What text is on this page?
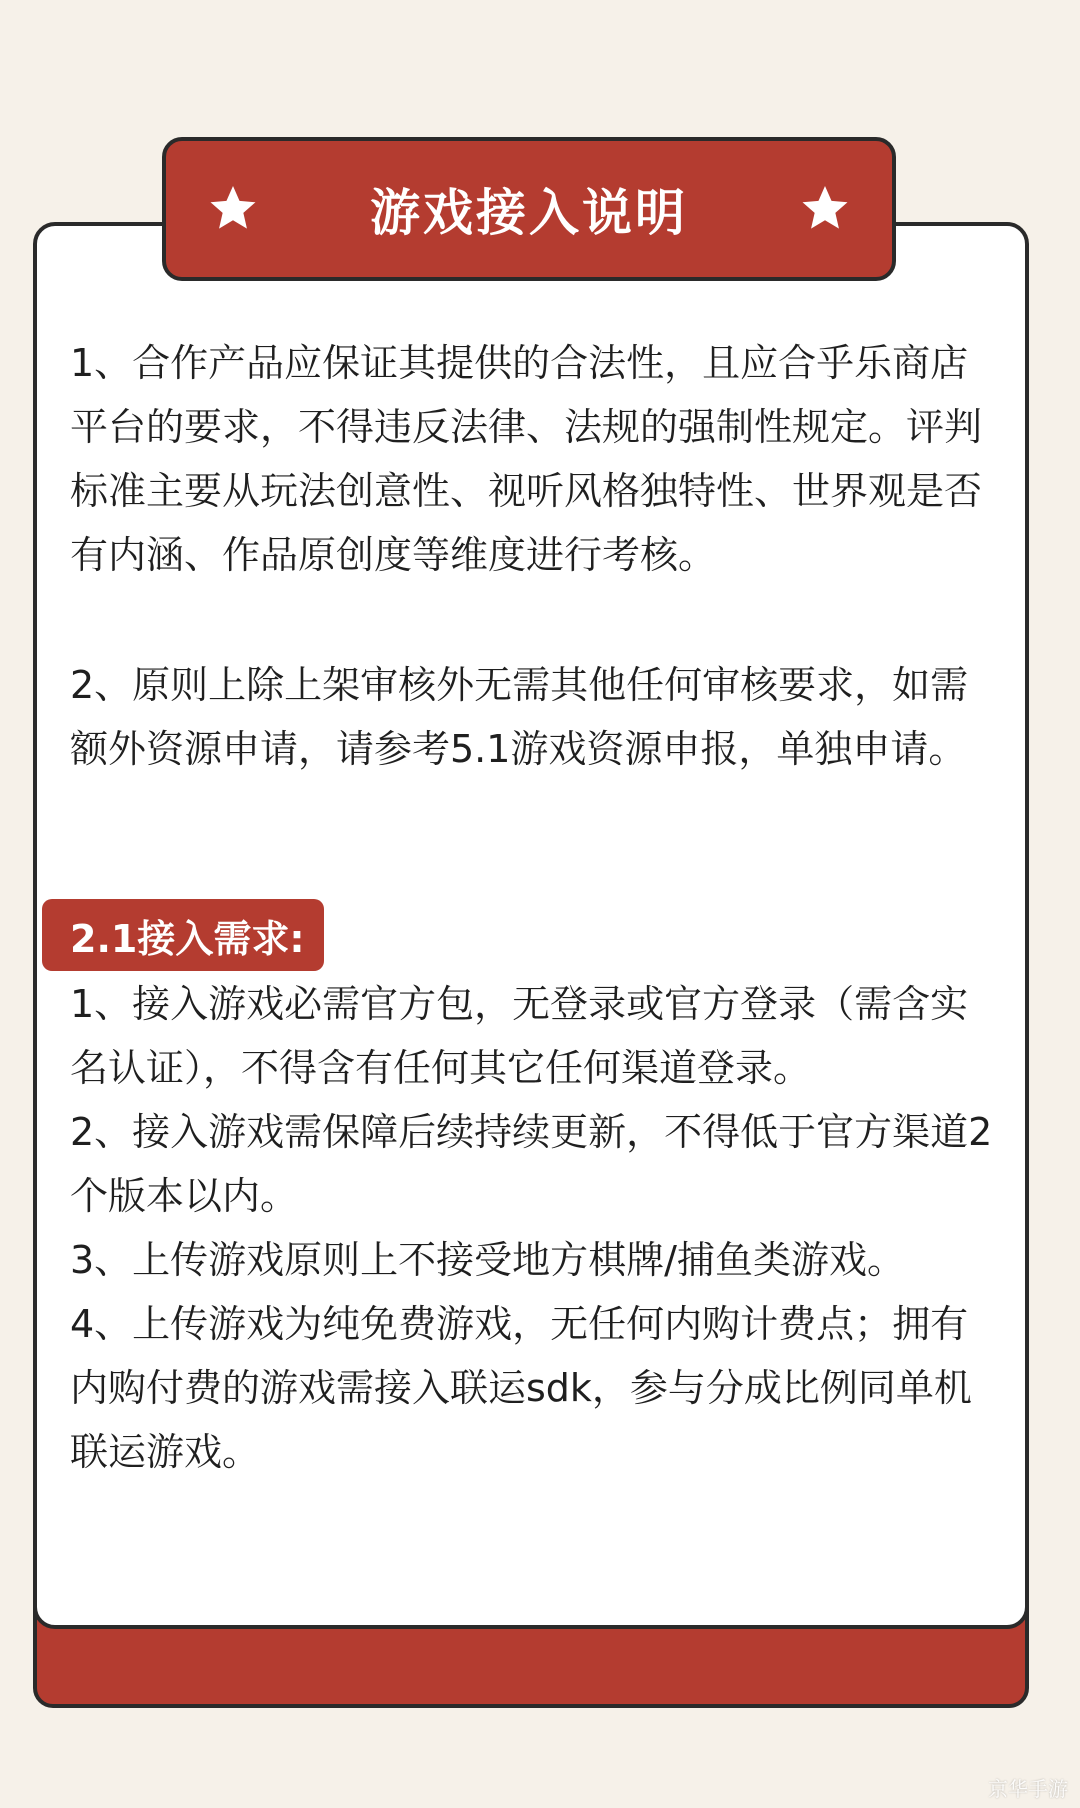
游戏接入说明

1、合作产品应保证其提供的合法性，且应合乎乐商店平台的要求，不得违反法律、法规的强制性规定。评判标准主要从玩法创意性、视听风格独特性、世界观是否有内涵、作品原创度等维度进行考核。

2、原则上除上架审核外无需其他任何审核要求，如需额外资源申请，请参考5.1游戏资源申报，单独申请。

2.1接入需求:
1、接入游戏必需官方包，无登录或官方登录（需含实名认证），不得含有任何其它任何渠道登录。
2、接入游戏需保障后续持续更新，不得低于官方渠道2个版本以内。
3、上传游戏原则上不接受地方棋牌/捕鱼类游戏。
4、上传游戏为纯免费游戏，无任何内购计费点；拥有内购付费的游戏需接入联运sdk，参与分成比例同单机联运游戏。
京华手游
